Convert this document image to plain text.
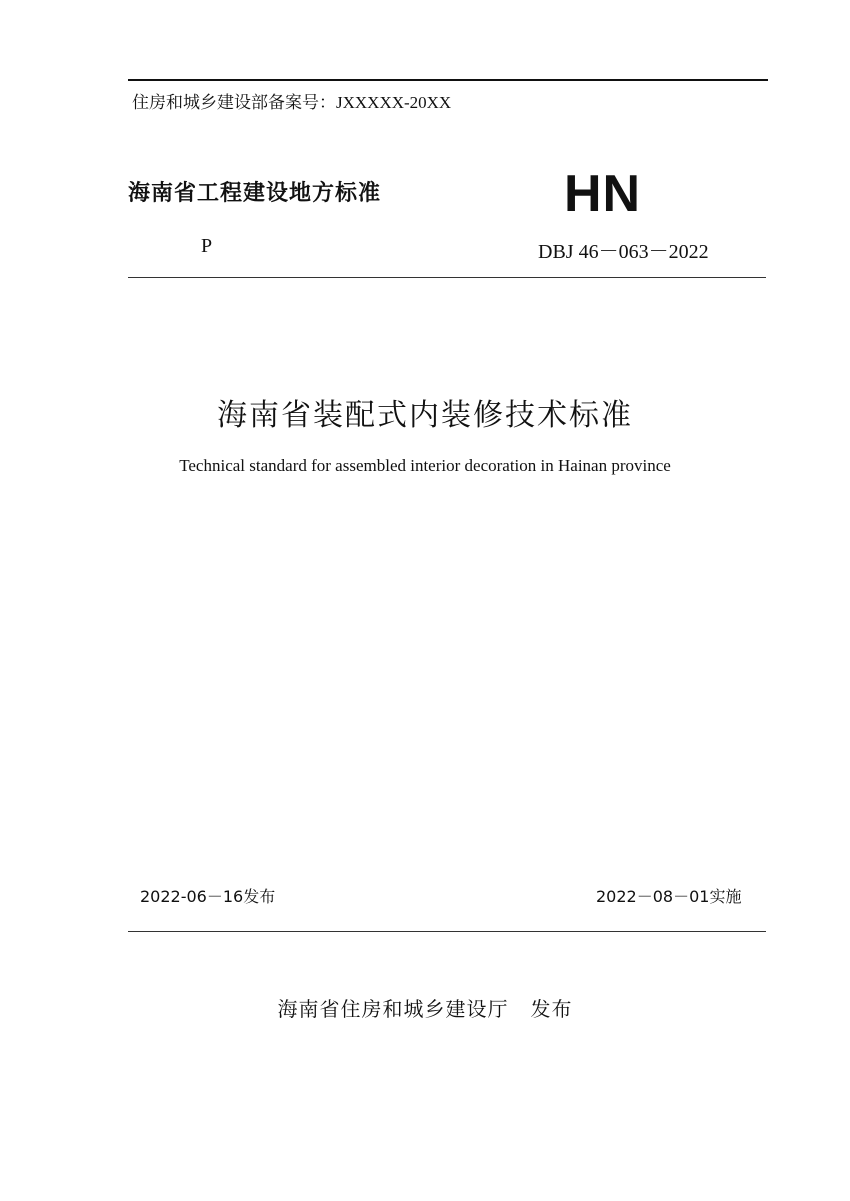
住房和城乡建设部备案号：JXXXXX-20XX
海南省工程建设地方标准	HN
P	DBJ 46－063－2022
海南省装配式内装修技术标准
Technical standard for assembled interior decoration in Hainan province
2022-06－16发布	2022－08－01实施
海南省住房和城乡建设厅   发布
